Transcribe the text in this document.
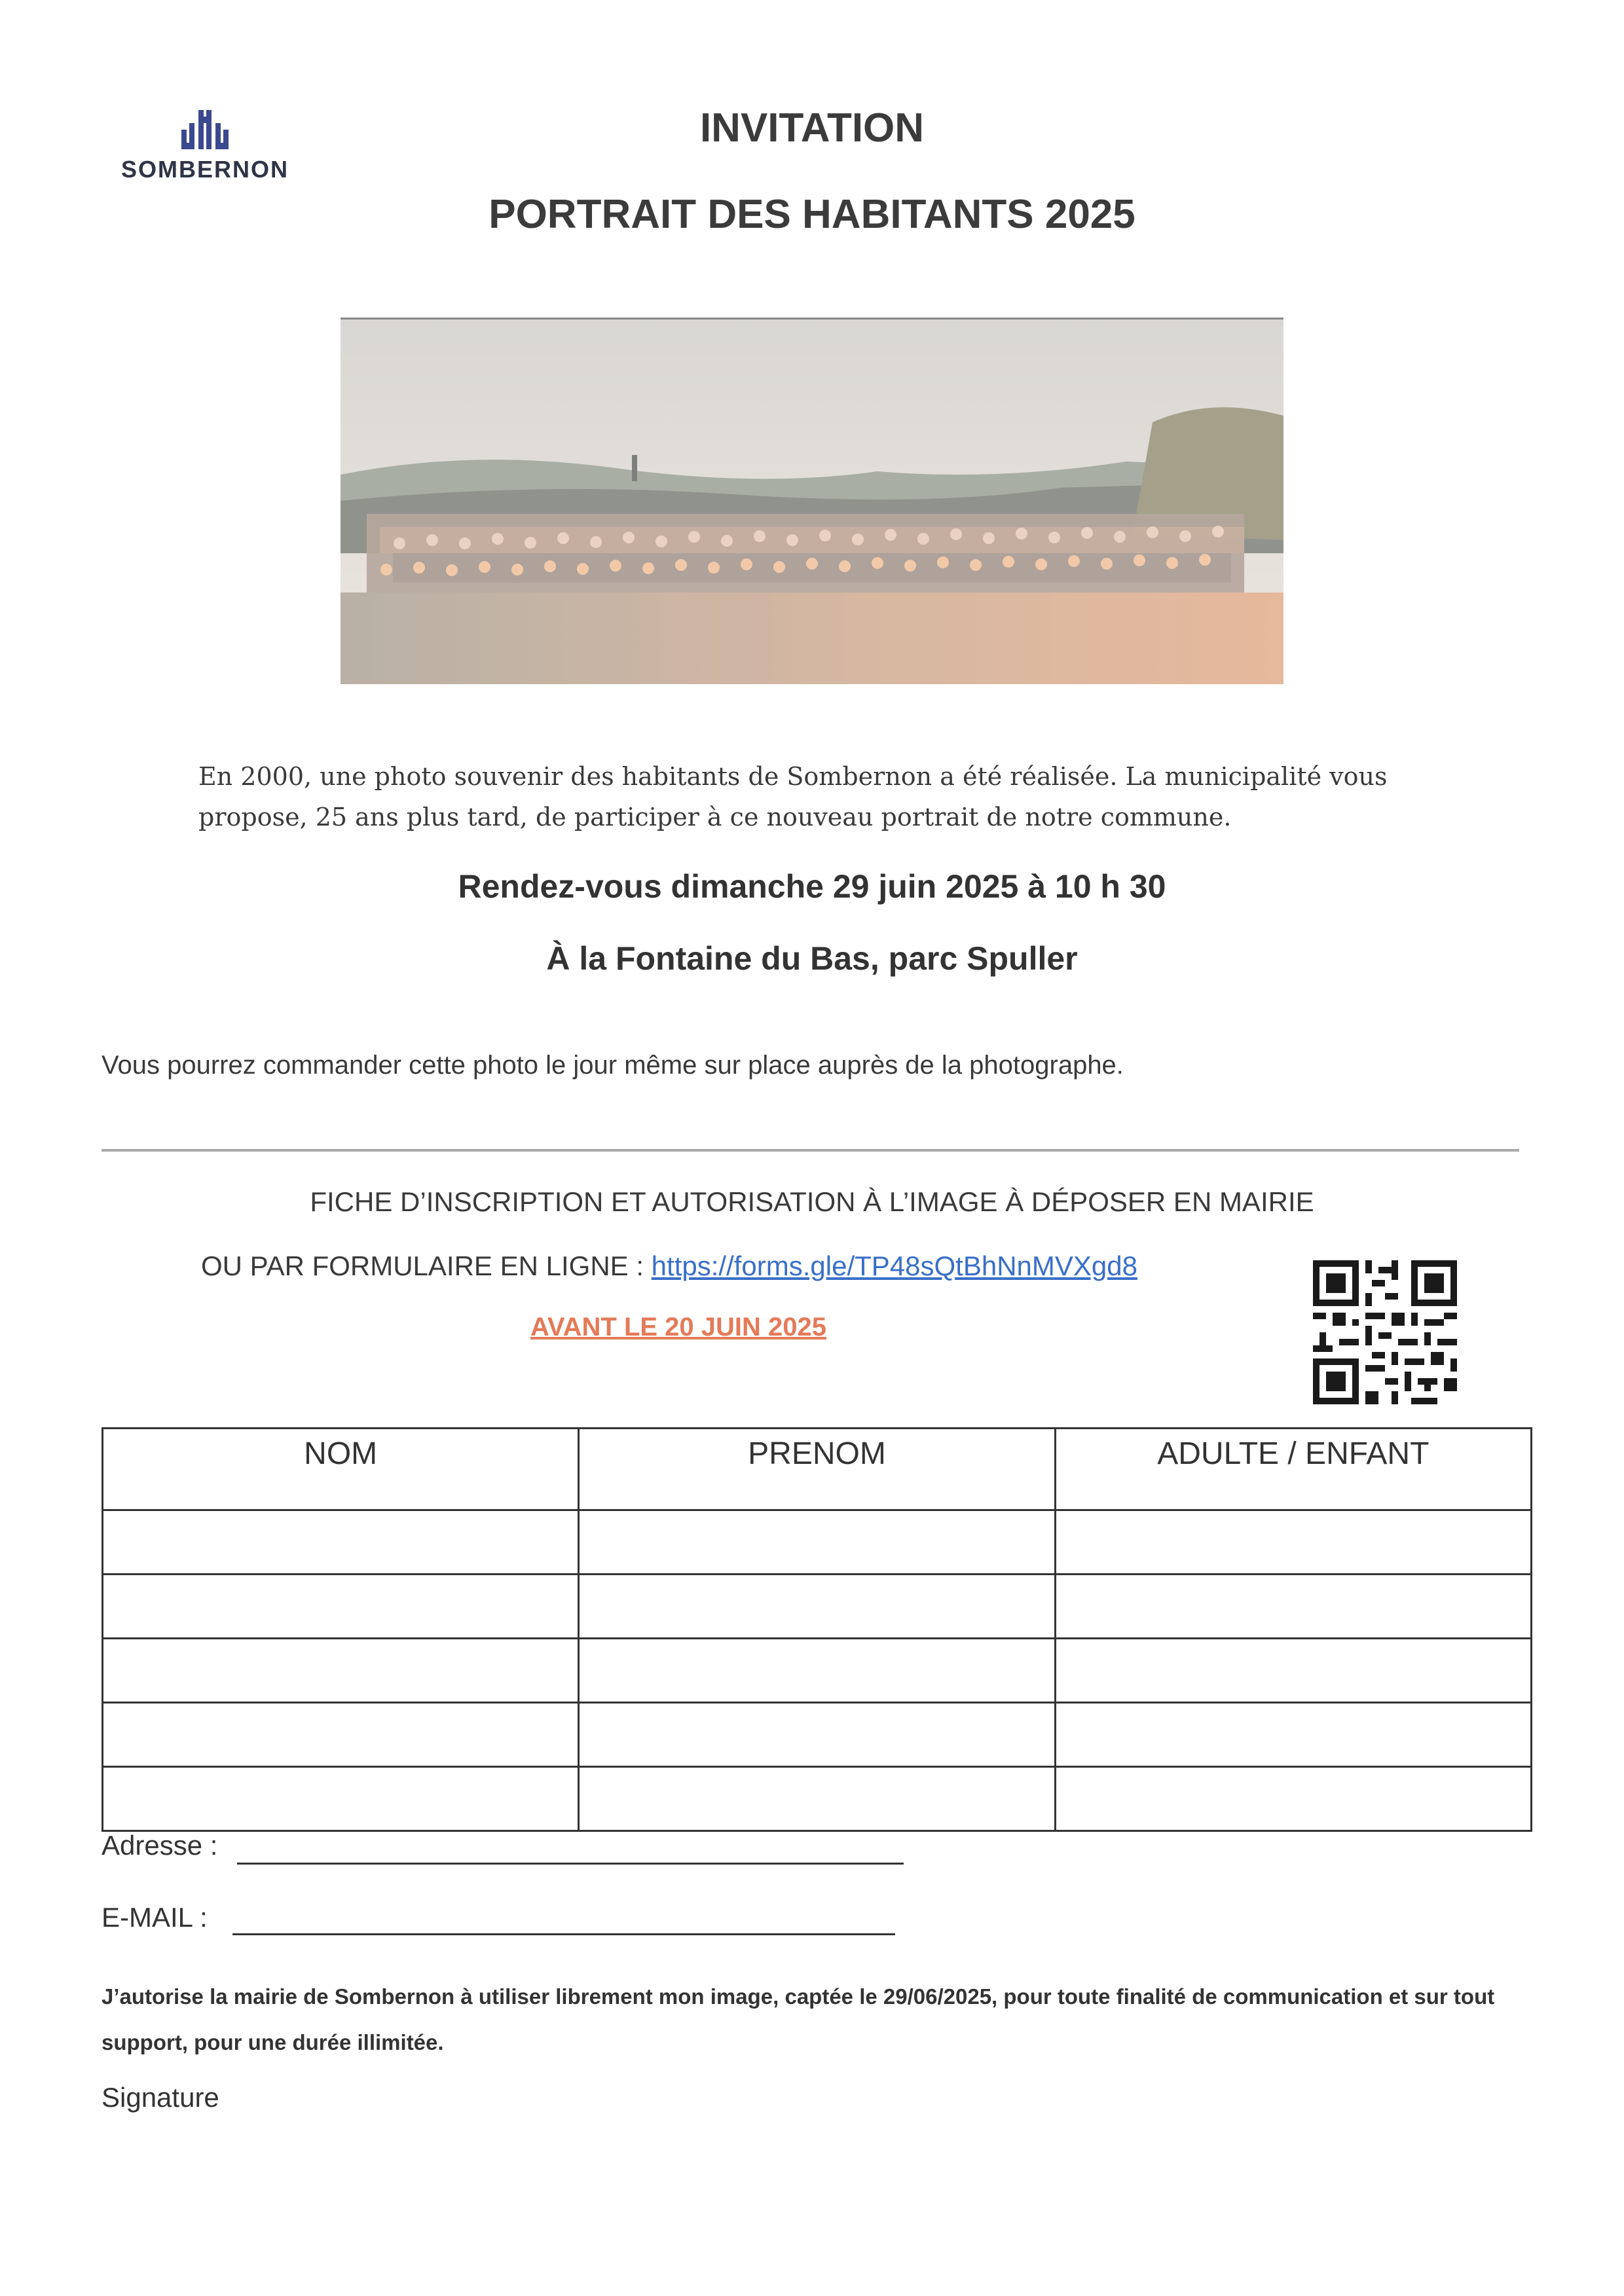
SOMBERNON
INVITATION
PORTRAIT DES HABITANTS 2025
En 2000, une photo souvenir des habitants de Sombernon a été réalisée. La municipalité vous propose, 25 ans plus tard, de participer à ce nouveau portrait de notre commune.
Rendez-vous dimanche 29 juin 2025 à 10 h 30
À la Fontaine du Bas, parc Spuller
Vous pourrez commander cette photo le jour même sur place auprès de la photographe.
FICHE D’INSCRIPTION ET AUTORISATION À L’IMAGE À DÉPOSER EN MAIRIE
OU PAR FORMULAIRE EN LIGNE : https://forms.gle/TP48sQtBhNnMVXgd8
AVANT LE 20 JUIN 2025
NOM	PRENOM	ADULTE / ENFANT

Adresse :
E-MAIL :
J’autorise la mairie de Sombernon à utiliser librement mon image, captée le 29/06/2025, pour toute finalité de communication et sur tout support, pour une durée illimitée.
Signature
